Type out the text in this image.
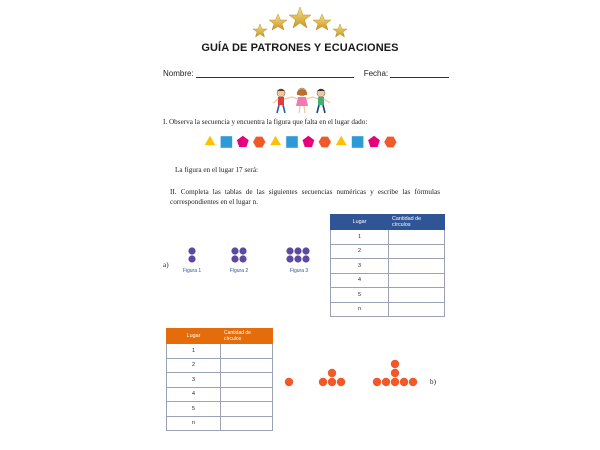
GUÍA DE PATRONES Y ECUACIONES
Nombre:	Fecha:
I. Observa la secuencia y encuentra la figura que falta en el lugar dado:
La figura en el lugar 17 será:
II. Completa las tablas de las siguientes secuencias numéricas y escribe las fórmulas correspondientes en el lugar n.
a)
Figura 1	Figura 2	Figura 3
Lugar	Cantidad de círculos
1	
2	
3	
4	
5	
n	
Lugar	Cantidad de círculos
1	
2	
3	
4	
5	
n	
b)
